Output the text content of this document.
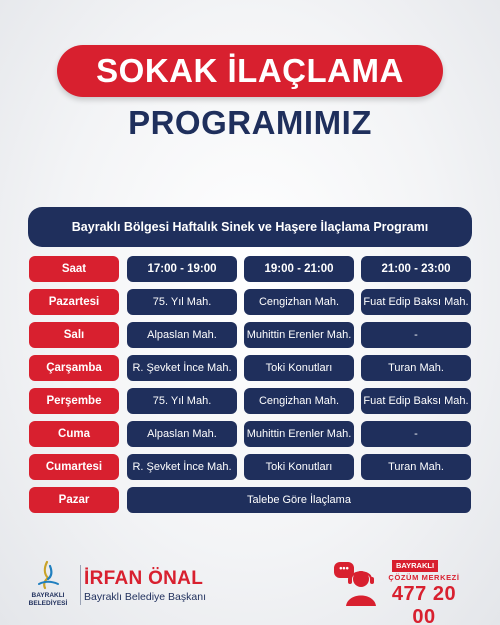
SOKAK İLAÇLAMA
PROGRAMIMIZ
Bayraklı Bölgesi Haftalık Sinek ve Haşere İlaçlama Programı
Saat	17:00 - 19:00	19:00 - 21:00	21:00 - 23:00
Pazartesi	75. Yıl Mah.	Cengizhan Mah.	Fuat Edip Baksı Mah.
Salı	Alpaslan Mah.	Muhittin Erenler Mah.	-
Çarşamba	R. Şevket İnce Mah.	Toki Konutları	Turan Mah.
Perşembe	75. Yıl Mah.	Cengizhan Mah.	Fuat Edip Baksı Mah.
Cuma	Alpaslan Mah.	Muhittin Erenler Mah.	-
Cumartesi	R. Şevket İnce Mah.	Toki Konutları	Turan Mah.
Pazar	Talebe Göre İlaçlama
BAYRAKLI
BELEDİYESİ
İRFAN ÖNAL
Bayraklı Belediye Başkanı
•••	BAYRAKLI
ÇÖZÜM MERKEZİ
477 20 00
